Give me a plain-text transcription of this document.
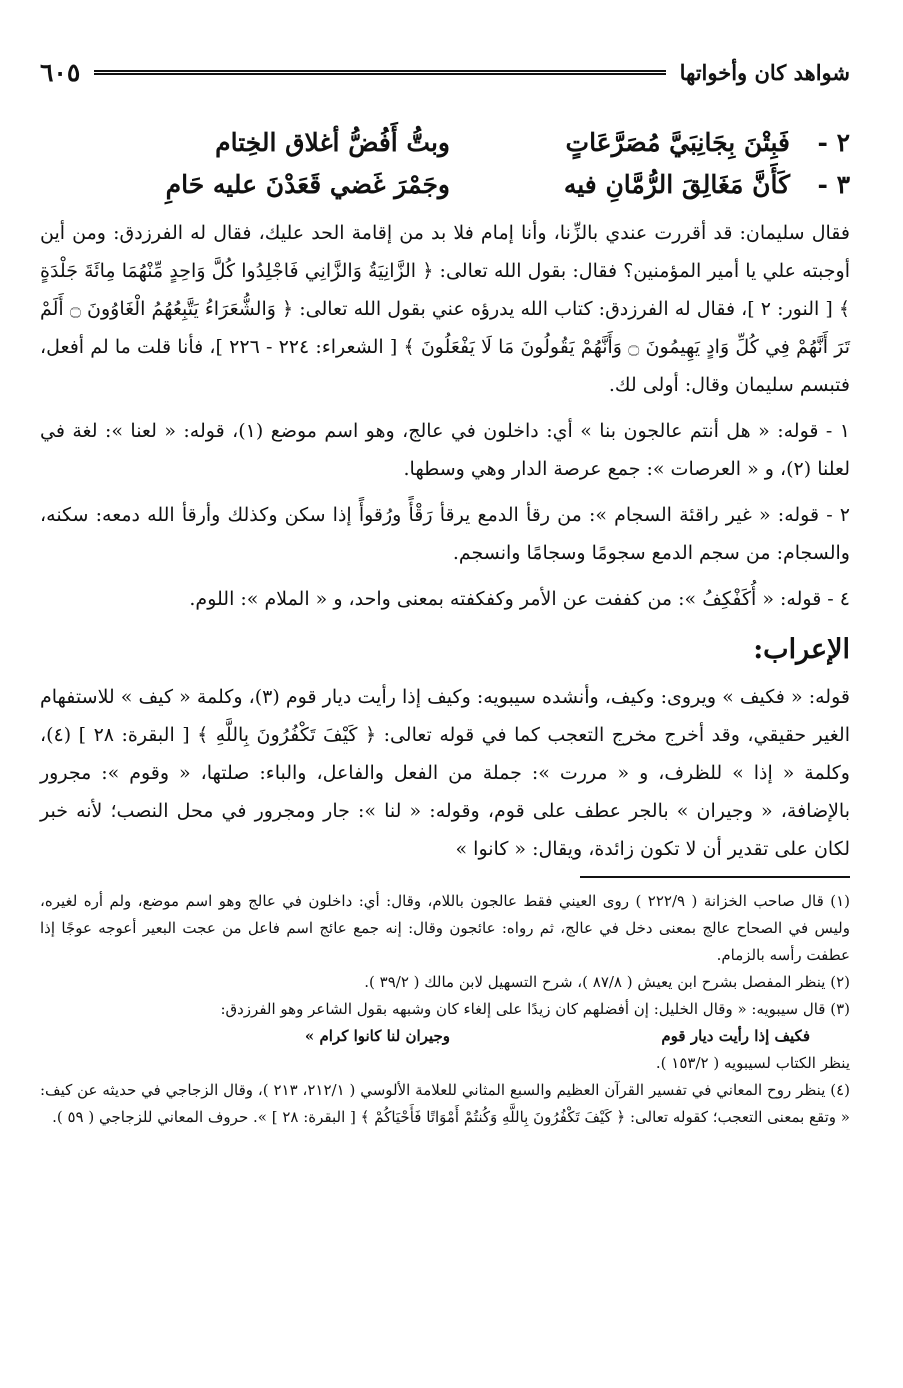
شواهد كان وأخواتها
٦٠٥
٢ -
فَبِتْنَ بِجَانِبَيَّ مُصَرَّعَاتٍ
وبتُّ أَفُضُّ أغلاق الخِتام
٣ -
كَأَنَّ مَغَالِقَ الرُّمَّانِ فيه
وجَمْرَ غَضي قَعَدْنَ عليه حَامِ

فقال سليمان: قد أقررت عندي بالزِّنا، وأنا إمام فلا بد من إقامة الحد عليك، فقال له الفرزدق: ومن أين أوجبته علي يا أمير المؤمنين؟ فقال: بقول الله تعالى: ﴿ الزَّانِيَةُ وَالزَّانِي فَاجْلِدُوا كُلَّ وَاحِدٍ مِّنْهُمَا مِائَةَ جَلْدَةٍ ﴾ [ النور: ٢ ]، فقال له الفرزدق: كتاب الله يدرؤه عني بقول الله تعالى: ﴿ وَالشُّعَرَاءُ يَتَّبِعُهُمُ الْغَاوُونَ ۝ أَلَمْ تَرَ أَنَّهُمْ فِي كُلِّ وَادٍ يَهِيمُونَ ۝ وَأَنَّهُمْ يَقُولُونَ مَا لَا يَفْعَلُونَ ﴾ [ الشعراء: ٢٢٤ - ٢٢٦ ]، فأنا قلت ما لم أفعل، فتبسم سليمان وقال: أولى لك.

١ - قوله: « هل أنتم عالجون بنا » أي: داخلون في عالج، وهو اسم موضع (١)، قوله: « لعنا »: لغة في لعلنا (٢)، و « العرصات »: جمع عرصة الدار وهي وسطها.

٢ - قوله: « غير راقئة السجام »: من رقأ الدمع يرقأ رَقْأً ورُقوأً إذا سكن وكذلك وأرقأ الله دمعه: سكنه، والسجام: من سجم الدمع سجومًا وسجامًا وانسجم.

٤ - قوله: « أُكَفْكِفُ »: من كففت عن الأمر وكفكفته بمعنى واحد، و « الملام »: اللوم.

الإعراب:

قوله: « فكيف » ويروى: وكيف، وأنشده سيبويه: وكيف إذا رأيت ديار قوم (٣)، وكلمة « كيف » للاستفهام الغير حقيقي، وقد أخرج مخرج التعجب كما في قوله تعالى: ﴿ كَيْفَ تَكْفُرُونَ بِاللَّهِ ﴾ [ البقرة: ٢٨ ] (٤)، وكلمة « إذا » للظرف، و « مررت »: جملة من الفعل والفاعل، والباء: صلتها، « وقوم »: مجرور بالإضافة، « وجيران » بالجر عطف على قوم، وقوله: « لنا »: جار ومجرور في محل النصب؛ لأنه خبر لكان على تقدير أن لا تكون زائدة، ويقال: « كانوا »

(١) قال صاحب الخزانة ( ٢٢٢/٩ ) روى العيني فقط عالجون باللام، وقال: أي: داخلون في عالج وهو اسم موضع، ولم أره لغيره، وليس في الصحاح عالج بمعنى دخل في عالج، ثم رواه: عائجون وقال: إنه جمع عائج اسم فاعل من عجت البعير أعوجه عوجًا إذا عطفت رأسه بالزمام.

(٢) ينظر المفصل بشرح ابن يعيش ( ٨٧/٨ )، شرح التسهيل لابن مالك ( ٣٩/٢ ).

(٣) قال سيبويه: « وقال الخليل: إن أفضلهم كان زيدًا على إلغاء كان وشبهه بقول الشاعر وهو الفرزدق:

فكيف إذا رأيت ديار قوم
وجيران لنا كانوا كرام »

ينظر الكتاب لسيبويه ( ١٥٣/٢ ).

(٤) ينظر روح المعاني في تفسير القرآن العظيم والسبع المثاني للعلامة الألوسي ( ٢١٢/١، ٢١٣ )، وقال الزجاجي في حديثه عن كيف: « وتقع بمعنى التعجب؛ كقوله تعالى: ﴿ كَيْفَ تَكْفُرُونَ بِاللَّهِ وَكُنتُمْ أَمْوَاتًا فَأَحْيَاكُمْ ﴾ [ البقرة: ٢٨ ] ». حروف المعاني للزجاجي ( ٥٩ ).
